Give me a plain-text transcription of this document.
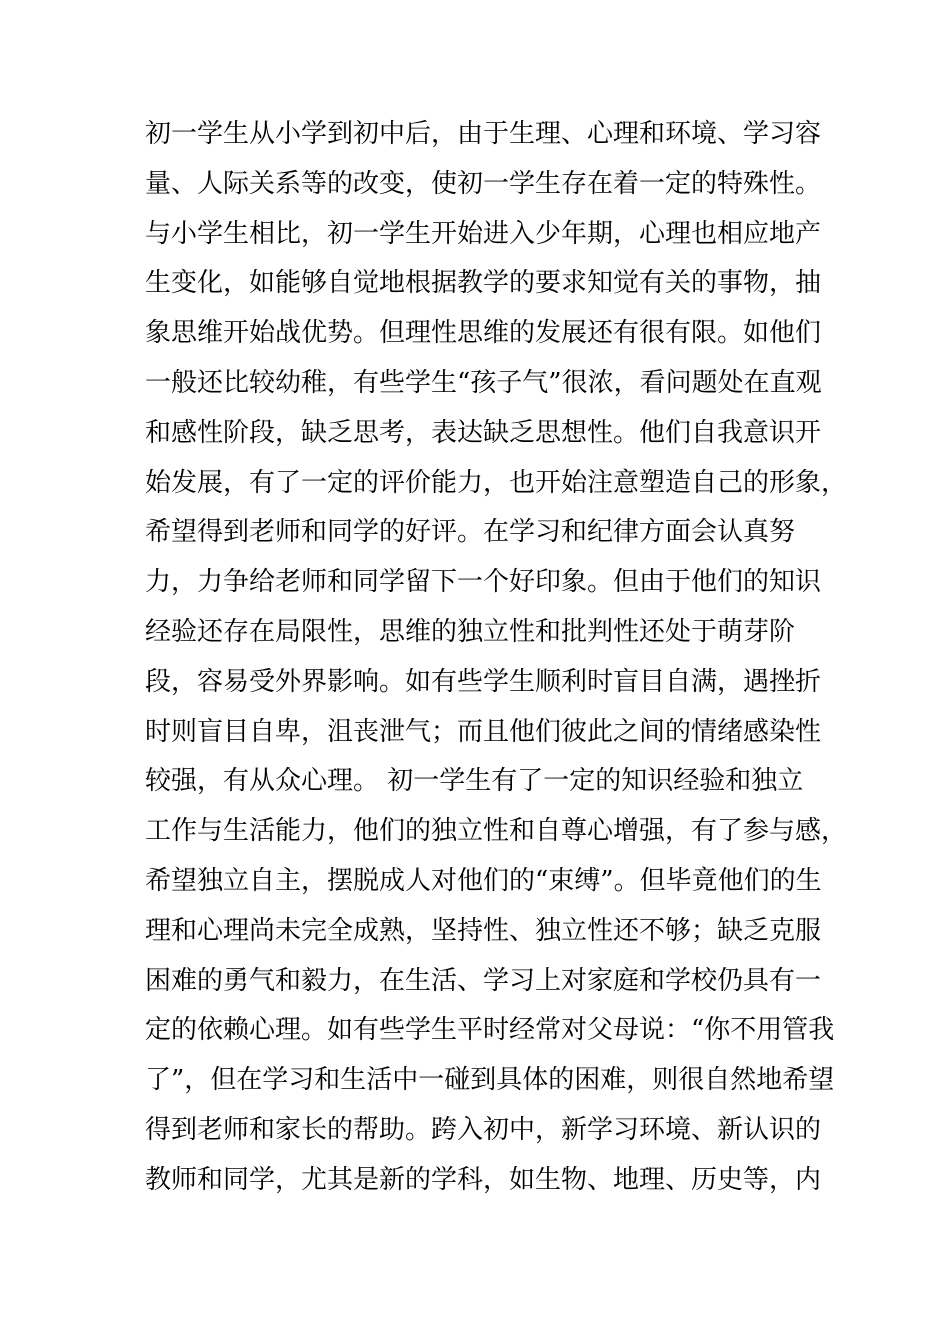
初一学生从小学到初中后，由于生理、心理和环境、学习容
量、人际关系等的改变，使初一学生存在着一定的特殊性。
与小学生相比，初一学生开始进入少年期，心理也相应地产
生变化，如能够自觉地根据教学的要求知觉有关的事物，抽
象思维开始战优势。但理性思维的发展还有很有限。如他们
一般还比较幼稚，有些学生“孩子气”很浓，看问题处在直观
和感性阶段，缺乏思考，表达缺乏思想性。他们自我意识开
始发展，有了一定的评价能力，也开始注意塑造自己的形象，
希望得到老师和同学的好评。在学习和纪律方面会认真努
力，力争给老师和同学留下一个好印象。但由于他们的知识
经验还存在局限性，思维的独立性和批判性还处于萌芽阶
段，容易受外界影响。如有些学生顺利时盲目自满，遇挫折
时则盲目自卑，沮丧泄气；而且他们彼此之间的情绪感染性
较强，有从众心理。 初一学生有了一定的知识经验和独立
工作与生活能力，他们的独立性和自尊心增强，有了参与感，
希望独立自主，摆脱成人对他们的“束缚”。但毕竟他们的生
理和心理尚未完全成熟，坚持性、独立性还不够；缺乏克服
困难的勇气和毅力，在生活、学习上对家庭和学校仍具有一
定的依赖心理。如有些学生平时经常对父母说：“你不用管我
了”，但在学习和生活中一碰到具体的困难，则很自然地希望
得到老师和家长的帮助。跨入初中，新学习环境、新认识的
教师和同学，尤其是新的学科，如生物、地理、历史等，内
